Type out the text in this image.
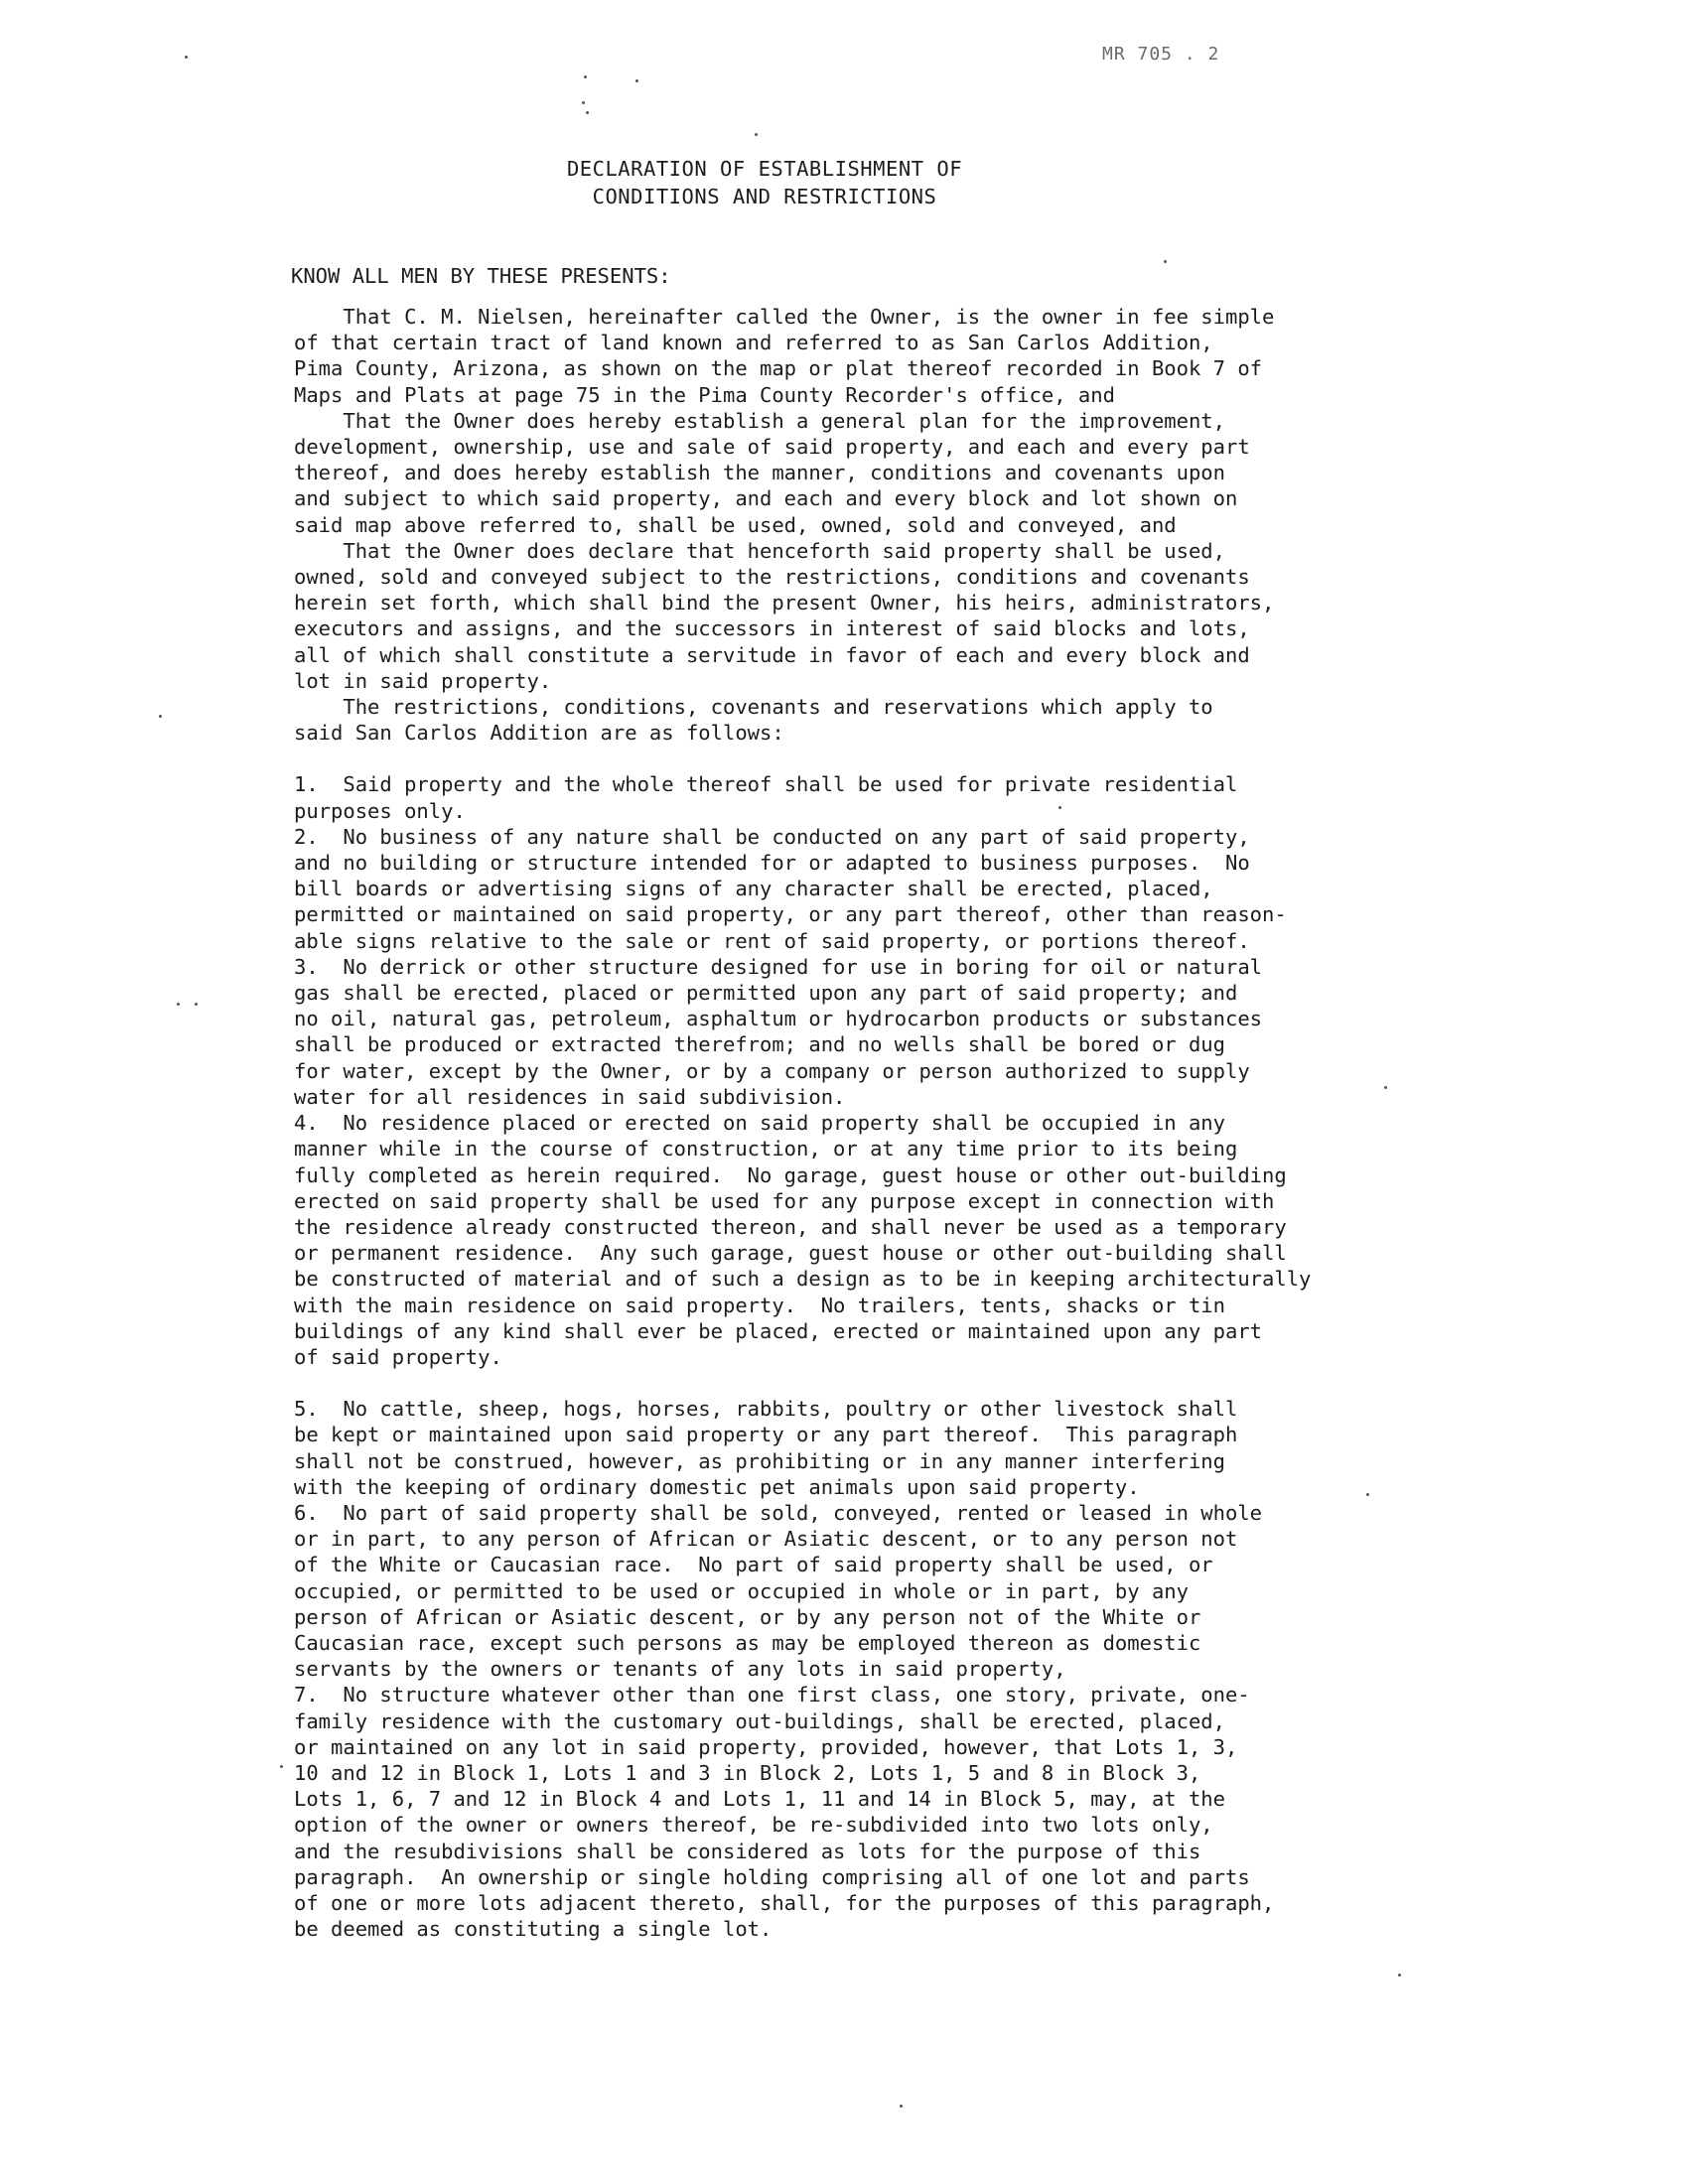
MR 705 . 2
DECLARATION OF ESTABLISHMENT OF
CONDITIONS AND RESTRICTIONS
KNOW ALL MEN BY THESE PRESENTS:
That C. M. Nielsen, hereinafter called the Owner, is the owner in fee simple
of that certain tract of land known and referred to as San Carlos Addition,
Pima County, Arizona, as shown on the map or plat thereof recorded in Book 7 of
Maps and Plats at page 75 in the Pima County Recorder's office, and
That the Owner does hereby establish a general plan for the improvement,
development, ownership, use and sale of said property, and each and every part
thereof, and does hereby establish the manner, conditions and covenants upon
and subject to which said property, and each and every block and lot shown on
said map above referred to, shall be used, owned, sold and conveyed, and
That the Owner does declare that henceforth said property shall be used,
owned, sold and conveyed subject to the restrictions, conditions and covenants
herein set forth, which shall bind the present Owner, his heirs, administrators,
executors and assigns, and the successors in interest of said blocks and lots,
all of which shall constitute a servitude in favor of each and every block and
lot in said property.
The restrictions, conditions, covenants and reservations which apply to
said San Carlos Addition are as follows:
1.  Said property and the whole thereof shall be used for private residential
purposes only.
2.  No business of any nature shall be conducted on any part of said property,
and no building or structure intended for or adapted to business purposes.  No
bill boards or advertising signs of any character shall be erected, placed,
permitted or maintained on said property, or any part thereof, other than reason-
able signs relative to the sale or rent of said property, or portions thereof.
3.  No derrick or other structure designed for use in boring for oil or natural
gas shall be erected, placed or permitted upon any part of said property; and
no oil, natural gas, petroleum, asphaltum or hydrocarbon products or substances
shall be produced or extracted therefrom; and no wells shall be bored or dug
for water, except by the Owner, or by a company or person authorized to supply
water for all residences in said subdivision.
4.  No residence placed or erected on said property shall be occupied in any
manner while in the course of construction, or at any time prior to its being
fully completed as herein required.  No garage, guest house or other out-building
erected on said property shall be used for any purpose except in connection with
the residence already constructed thereon, and shall never be used as a temporary
or permanent residence.  Any such garage, guest house or other out-building shall
be constructed of material and of such a design as to be in keeping architecturally
with the main residence on said property.  No trailers, tents, shacks or tin
buildings of any kind shall ever be placed, erected or maintained upon any part
of said property.
5.  No cattle, sheep, hogs, horses, rabbits, poultry or other livestock shall
be kept or maintained upon said property or any part thereof.  This paragraph
shall not be construed, however, as prohibiting or in any manner interfering
with the keeping of ordinary domestic pet animals upon said property.
6.  No part of said property shall be sold, conveyed, rented or leased in whole
or in part, to any person of African or Asiatic descent, or to any person not
of the White or Caucasian race.  No part of said property shall be used, or
occupied, or permitted to be used or occupied in whole or in part, by any
person of African or Asiatic descent, or by any person not of the White or
Caucasian race, except such persons as may be employed thereon as domestic
servants by the owners or tenants of any lots in said property,
7.  No structure whatever other than one first class, one story, private, one-
family residence with the customary out-buildings, shall be erected, placed,
or maintained on any lot in said property, provided, however, that Lots 1, 3,
10 and 12 in Block 1, Lots 1 and 3 in Block 2, Lots 1, 5 and 8 in Block 3,
Lots 1, 6, 7 and 12 in Block 4 and Lots 1, 11 and 14 in Block 5, may, at the
option of the owner or owners thereof, be re-subdivided into two lots only,
and the resubdivisions shall be considered as lots for the purpose of this
paragraph.  An ownership or single holding comprising all of one lot and parts
of one or more lots adjacent thereto, shall, for the purposes of this paragraph,
be deemed as constituting a single lot.
